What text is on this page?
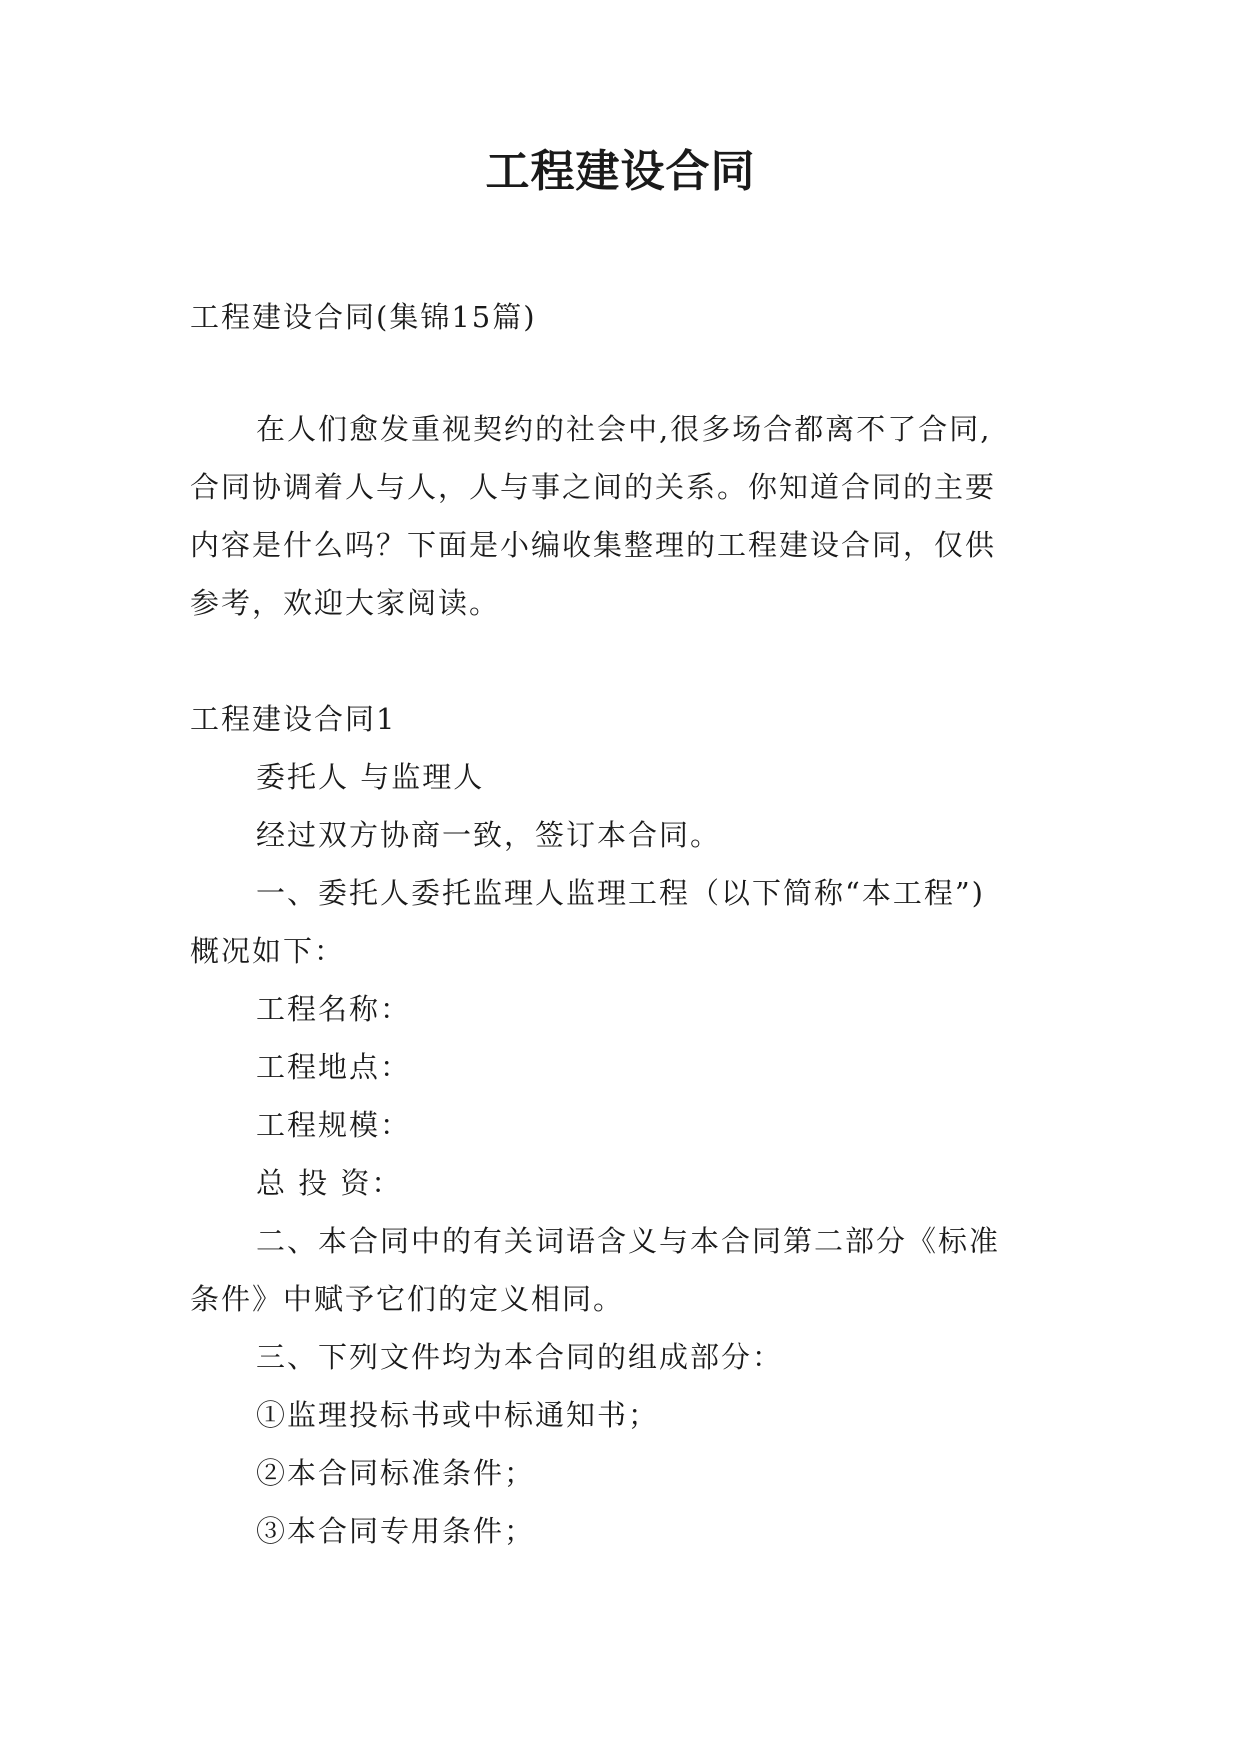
工程建设合同
工程建设合同(集锦15篇)
在人们愈发重视契约的社会中,很多场合都离不了合同,
合同协调着人与人，人与事之间的关系。你知道合同的主要
内容是什么吗？下面是小编收集整理的工程建设合同，仅供
参考，欢迎大家阅读。
工程建设合同1
委托人 与监理人
经过双方协商一致，签订本合同。
一、委托人委托监理人监理工程（以下简称“本工程”)
概况如下：
工程名称：
工程地点：
工程规模：
总 投 资：
二、本合同中的有关词语含义与本合同第二部分《标准
条件》中赋予它们的定义相同。
三、下列文件均为本合同的组成部分：
①监理投标书或中标通知书；
②本合同标准条件；
③本合同专用条件；
